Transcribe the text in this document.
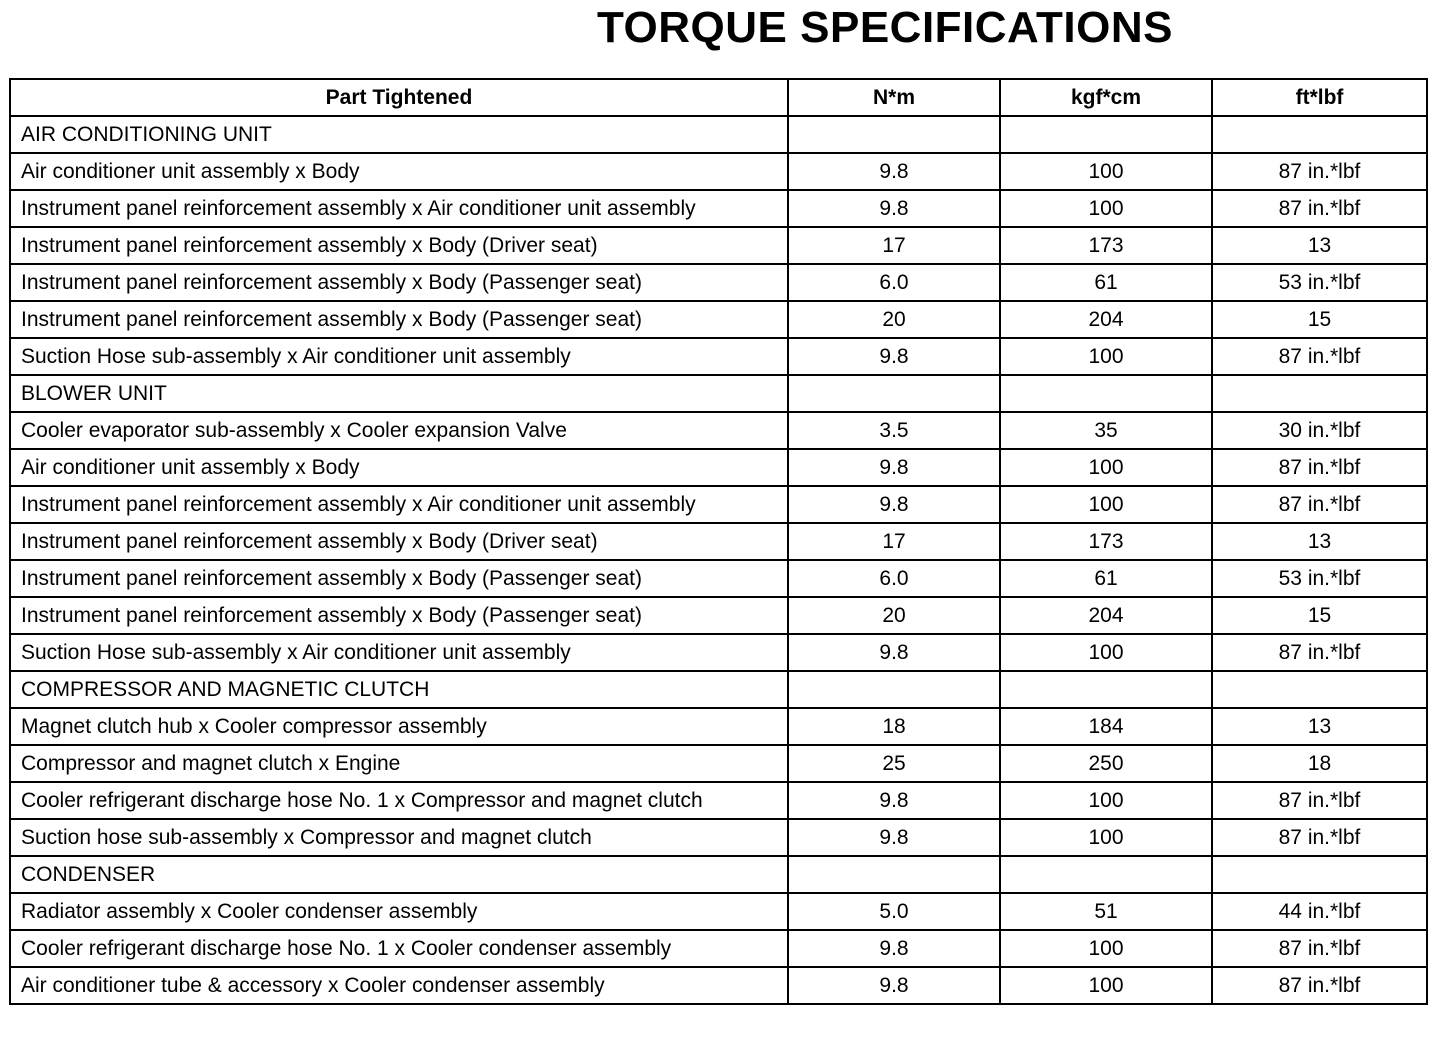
TORQUE SPECIFICATIONS
Part Tightened	N*m	kgf*cm	ft*lbf
AIR CONDITIONING UNIT			
Air conditioner unit assembly x Body	9.8	100	87 in.*lbf
Instrument panel reinforcement assembly x Air conditioner unit assembly	9.8	100	87 in.*lbf
Instrument panel reinforcement assembly x Body (Driver seat)	17	173	13
Instrument panel reinforcement assembly x Body (Passenger seat)	6.0	61	53 in.*lbf
Instrument panel reinforcement assembly x Body (Passenger seat)	20	204	15
Suction Hose sub-assembly x Air conditioner unit assembly	9.8	100	87 in.*lbf
BLOWER UNIT			
Cooler evaporator sub-assembly x Cooler expansion Valve	3.5	35	30 in.*lbf
Air conditioner unit assembly x Body	9.8	100	87 in.*lbf
Instrument panel reinforcement assembly x Air conditioner unit assembly	9.8	100	87 in.*lbf
Instrument panel reinforcement assembly x Body (Driver seat)	17	173	13
Instrument panel reinforcement assembly x Body (Passenger seat)	6.0	61	53 in.*lbf
Instrument panel reinforcement assembly x Body (Passenger seat)	20	204	15
Suction Hose sub-assembly x Air conditioner unit assembly	9.8	100	87 in.*lbf
COMPRESSOR AND MAGNETIC CLUTCH			
Magnet clutch hub x Cooler compressor assembly	18	184	13
Compressor and magnet clutch x Engine	25	250	18
Cooler refrigerant discharge hose No. 1 x Compressor and magnet clutch	9.8	100	87 in.*lbf
Suction hose sub-assembly x Compressor and magnet clutch	9.8	100	87 in.*lbf
CONDENSER			
Radiator assembly x Cooler condenser assembly	5.0	51	44 in.*lbf
Cooler refrigerant discharge hose No. 1 x Cooler condenser assembly	9.8	100	87 in.*lbf
Air conditioner tube & accessory x Cooler condenser assembly	9.8	100	87 in.*lbf
